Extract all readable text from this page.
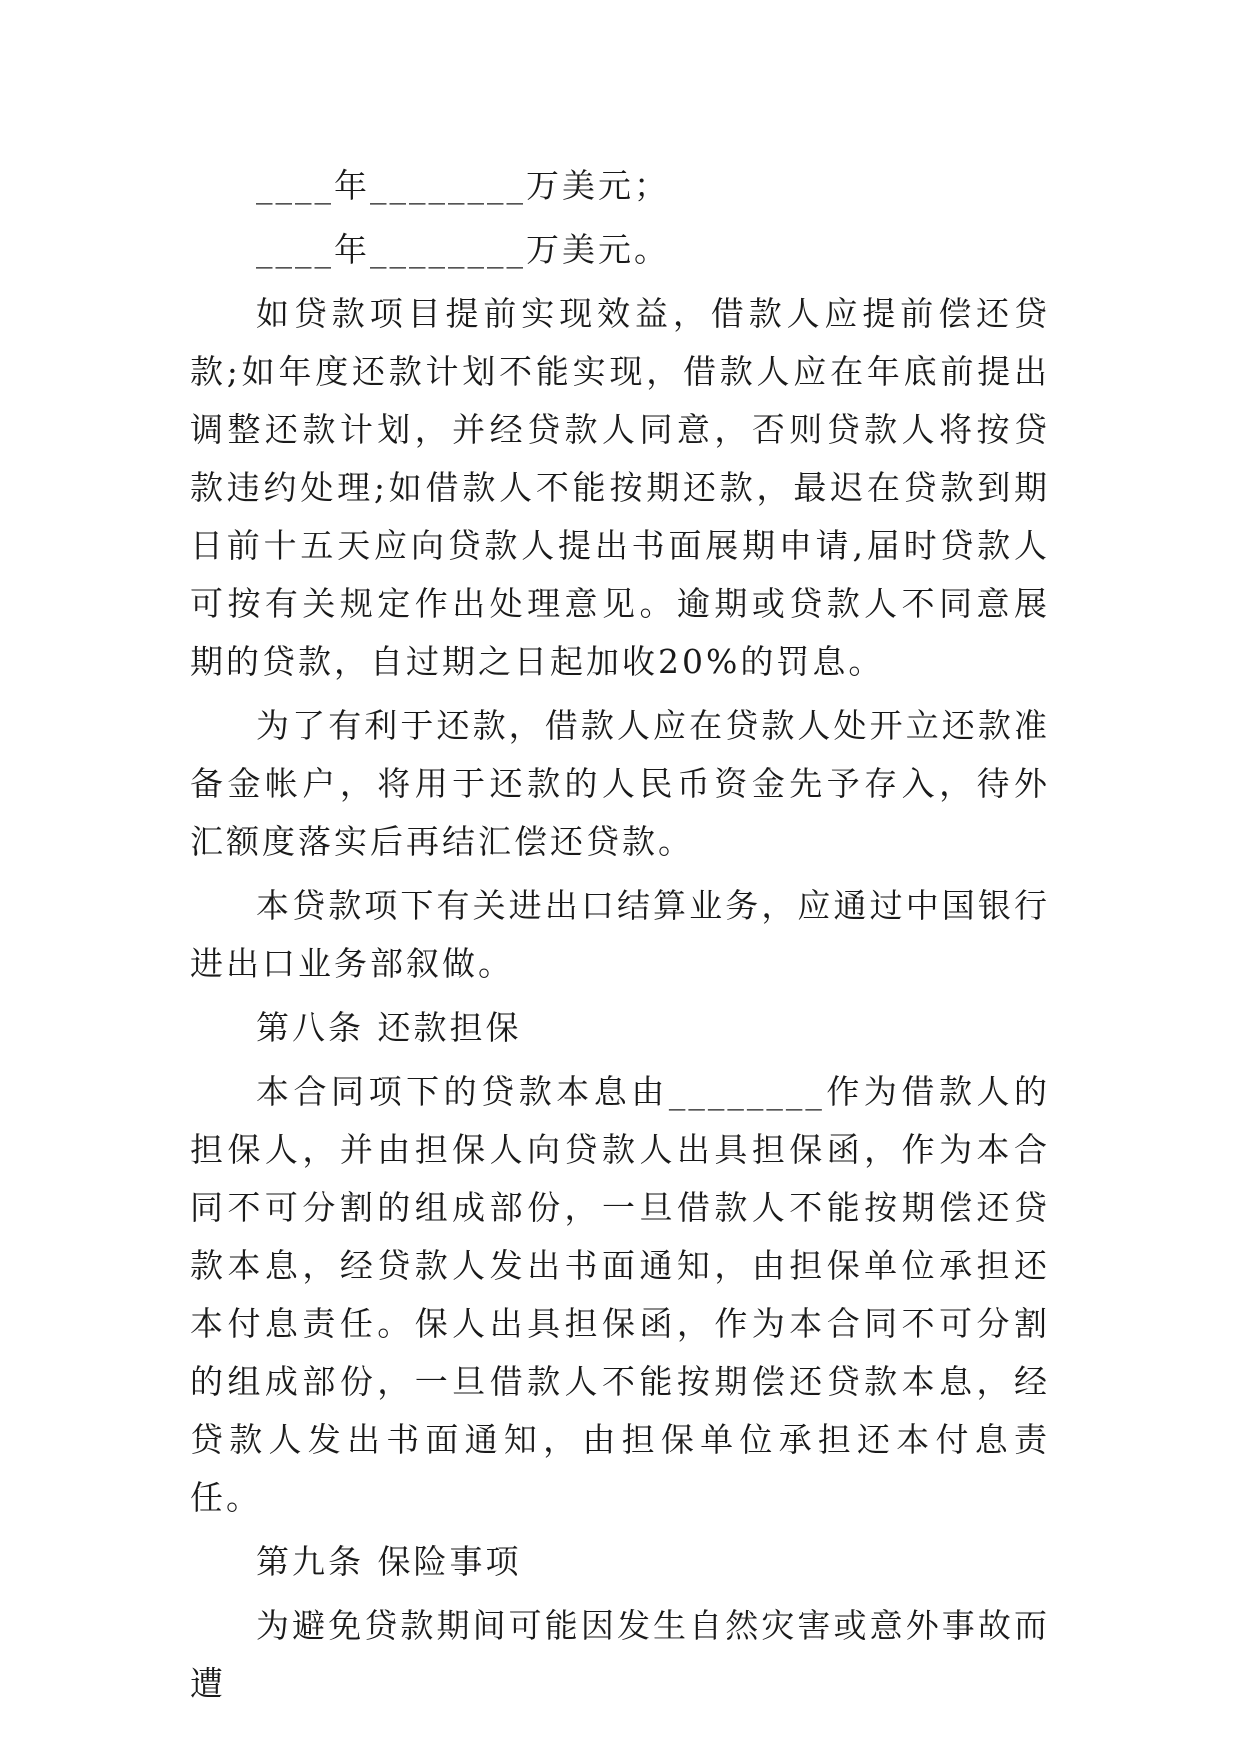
____年________万美元；

____年________万美元。

如贷款项目提前实现效益，借款人应提前偿还贷款;如年度还款计划不能实现，借款人应在年底前提出调整还款计划，并经贷款人同意，否则贷款人将按贷款违约处理;如借款人不能按期还款，最迟在贷款到期日前十五天应向贷款人提出书面展期申请,届时贷款人可按有关规定作出处理意见。逾期或贷款人不同意展期的贷款，自过期之日起加收20%的罚息。

为了有利于还款，借款人应在贷款人处开立还款准备金帐户，将用于还款的人民币资金先予存入，待外汇额度落实后再结汇偿还贷款。

本贷款项下有关进出口结算业务，应通过中国银行进出口业务部叙做。

第八条 还款担保

本合同项下的贷款本息由________作为借款人的担保人，并由担保人向贷款人出具担保函，作为本合同不可分割的组成部份，一旦借款人不能按期偿还贷款本息，经贷款人发出书面通知，由担保单位承担还本付息责任。保人出具担保函，作为本合同不可分割的组成部份，一旦借款人不能按期偿还贷款本息，经贷款人发出书面通知，由担保单位承担还本付息责任。

第九条 保险事项

为避免贷款期间可能因发生自然灾害或意外事故而遭
